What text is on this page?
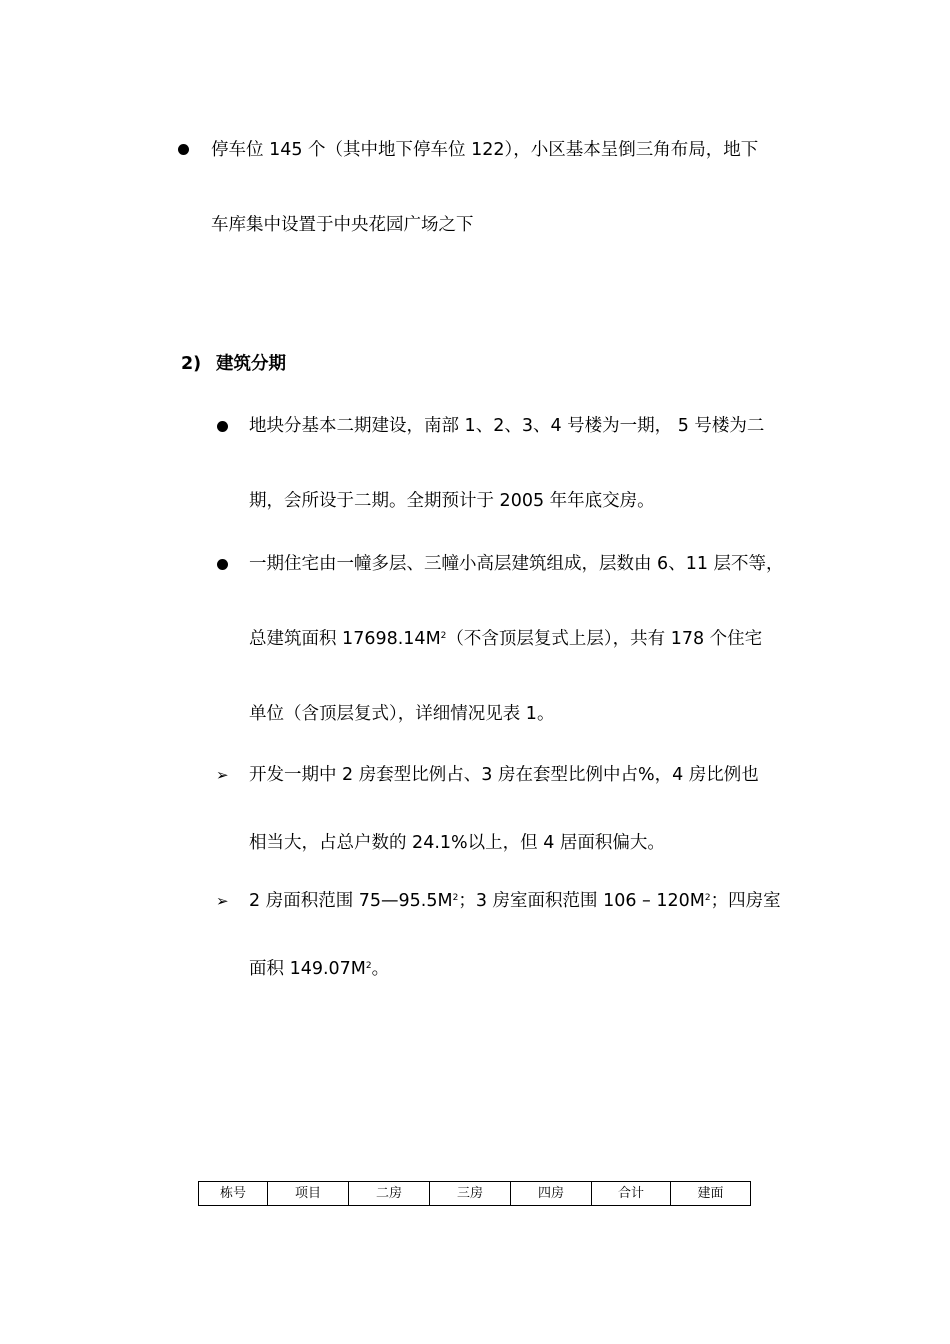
停车位 145 个（其中地下停车位 122），小区基本呈倒三角布局，地下
车库集中设置于中央花园广场之下
2) 建筑分期
地块分基本二期建设，南部 1、2、3、4 号楼为一期， 5 号楼为二
期，会所设于二期。全期预计于 2005 年年底交房。
一期住宅由一幢多层、三幢小高层建筑组成，层数由 6、11 层不等，
总建筑面积 $17698.14M^2$（不含顶层复式上层），共有 178 个住宅
单位（含顶层复式），详细情况见表 1。
➢ 开发一期中 2 房套型比例占、3 房在套型比例中占%，4 房比例也
相当大，占总户数的 24.1%以上，但 4 居面积偏大。
➢ 2 房面积范围 $75—95.5M^2$；3 房室面积范围 $106 - 120M^2$；四房室
面积 $149.07M^2$。
栋号	项目	二房	三房	四房	合计	建面
